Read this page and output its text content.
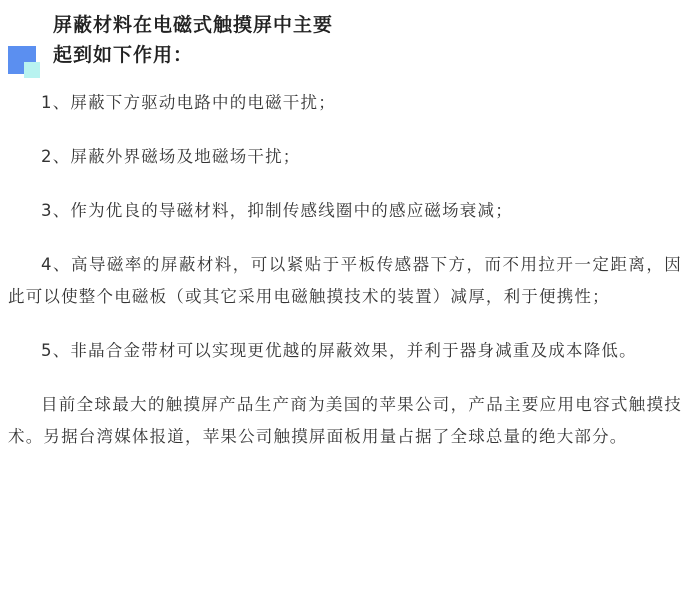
屏蔽材料在电磁式触摸屏中主要
起到如下作用：

1、屏蔽下方驱动电路中的电磁干扰；

2、屏蔽外界磁场及地磁场干扰；

3、作为优良的导磁材料，抑制传感线圈中的感应磁场衰减；

4、高导磁率的屏蔽材料，可以紧贴于平板传感器下方，而不用拉开一定距离，因此可以使整个电磁板（或其它采用电磁触摸技术的装置）减厚，利于便携性；

5、非晶合金带材可以实现更优越的屏蔽效果，并利于器身减重及成本降低。

目前全球最大的触摸屏产品生产商为美国的苹果公司，产品主要应用电容式触摸技术。另据台湾媒体报道，苹果公司触摸屏面板用量占据了全球总量的绝大部分。
